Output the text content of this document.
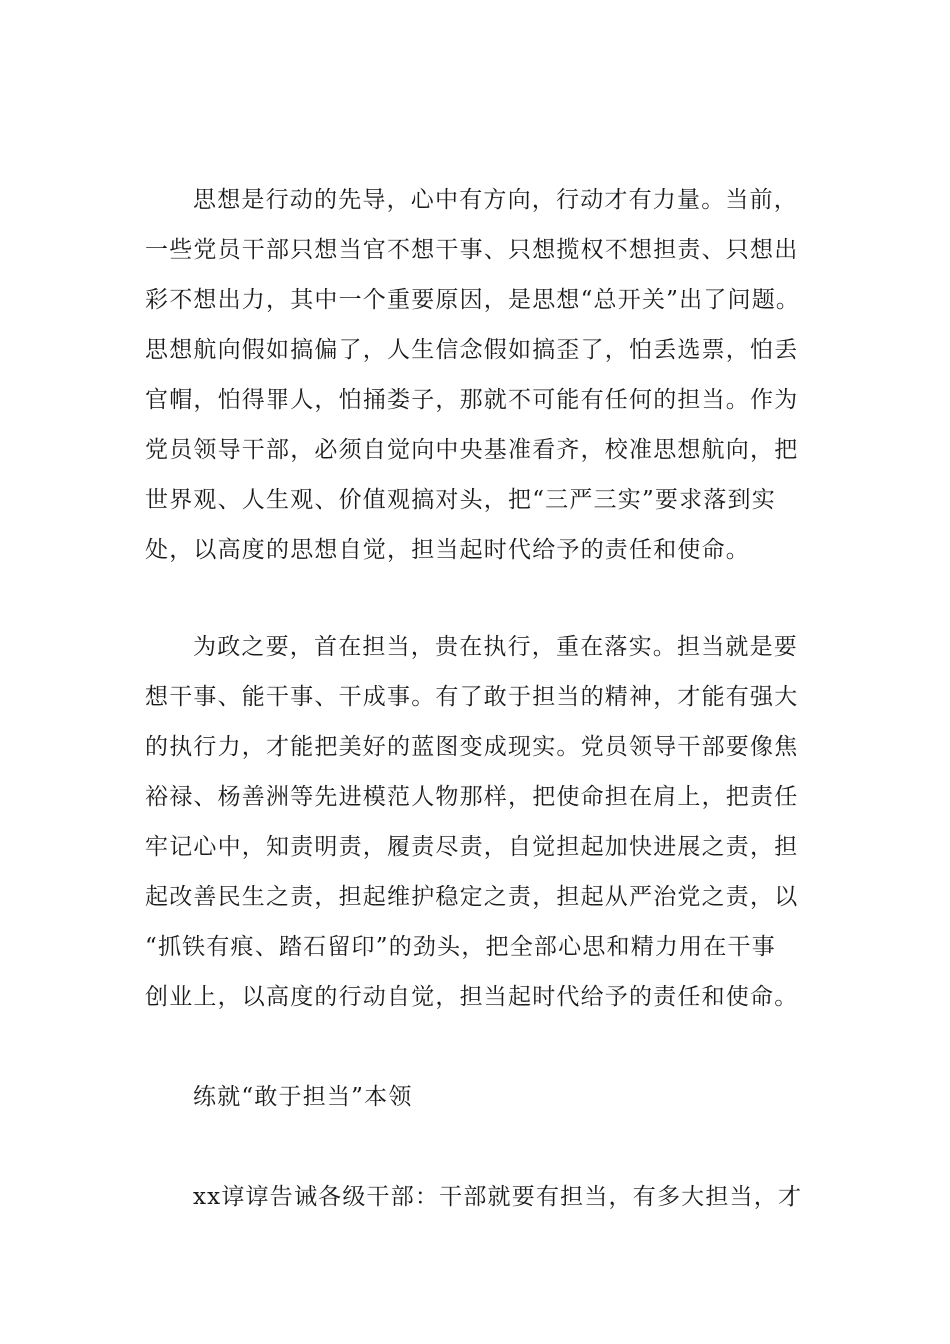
思想是行动的先导，心中有方向，行动才有力量。当前，
一些党员干部只想当官不想干事、只想揽权不想担责、只想出
彩不想出力，其中一个重要原因，是思想“总开关”出了问题。
思想航向假如搞偏了，人生信念假如搞歪了，怕丢选票，怕丢
官帽，怕得罪人，怕捅娄子，那就不可能有任何的担当。作为
党员领导干部，必须自觉向中央基准看齐，校准思想航向，把
世界观、人生观、价值观搞对头，把“三严三实”要求落到实
处，以高度的思想自觉，担当起时代给予的责任和使命。
为政之要，首在担当，贵在执行，重在落实。担当就是要
想干事、能干事、干成事。有了敢于担当的精神，才能有强大
的执行力，才能把美好的蓝图变成现实。党员领导干部要像焦
裕禄、杨善洲等先进模范人物那样，把使命担在肩上，把责任
牢记心中，知责明责，履责尽责，自觉担起加快进展之责，担
起改善民生之责，担起维护稳定之责，担起从严治党之责，以
“抓铁有痕、踏石留印”的劲头，把全部心思和精力用在干事
创业上，以高度的行动自觉，担当起时代给予的责任和使命。
练就“敢于担当”本领
xx谆谆告诫各级干部：干部就要有担当，有多大担当，才
